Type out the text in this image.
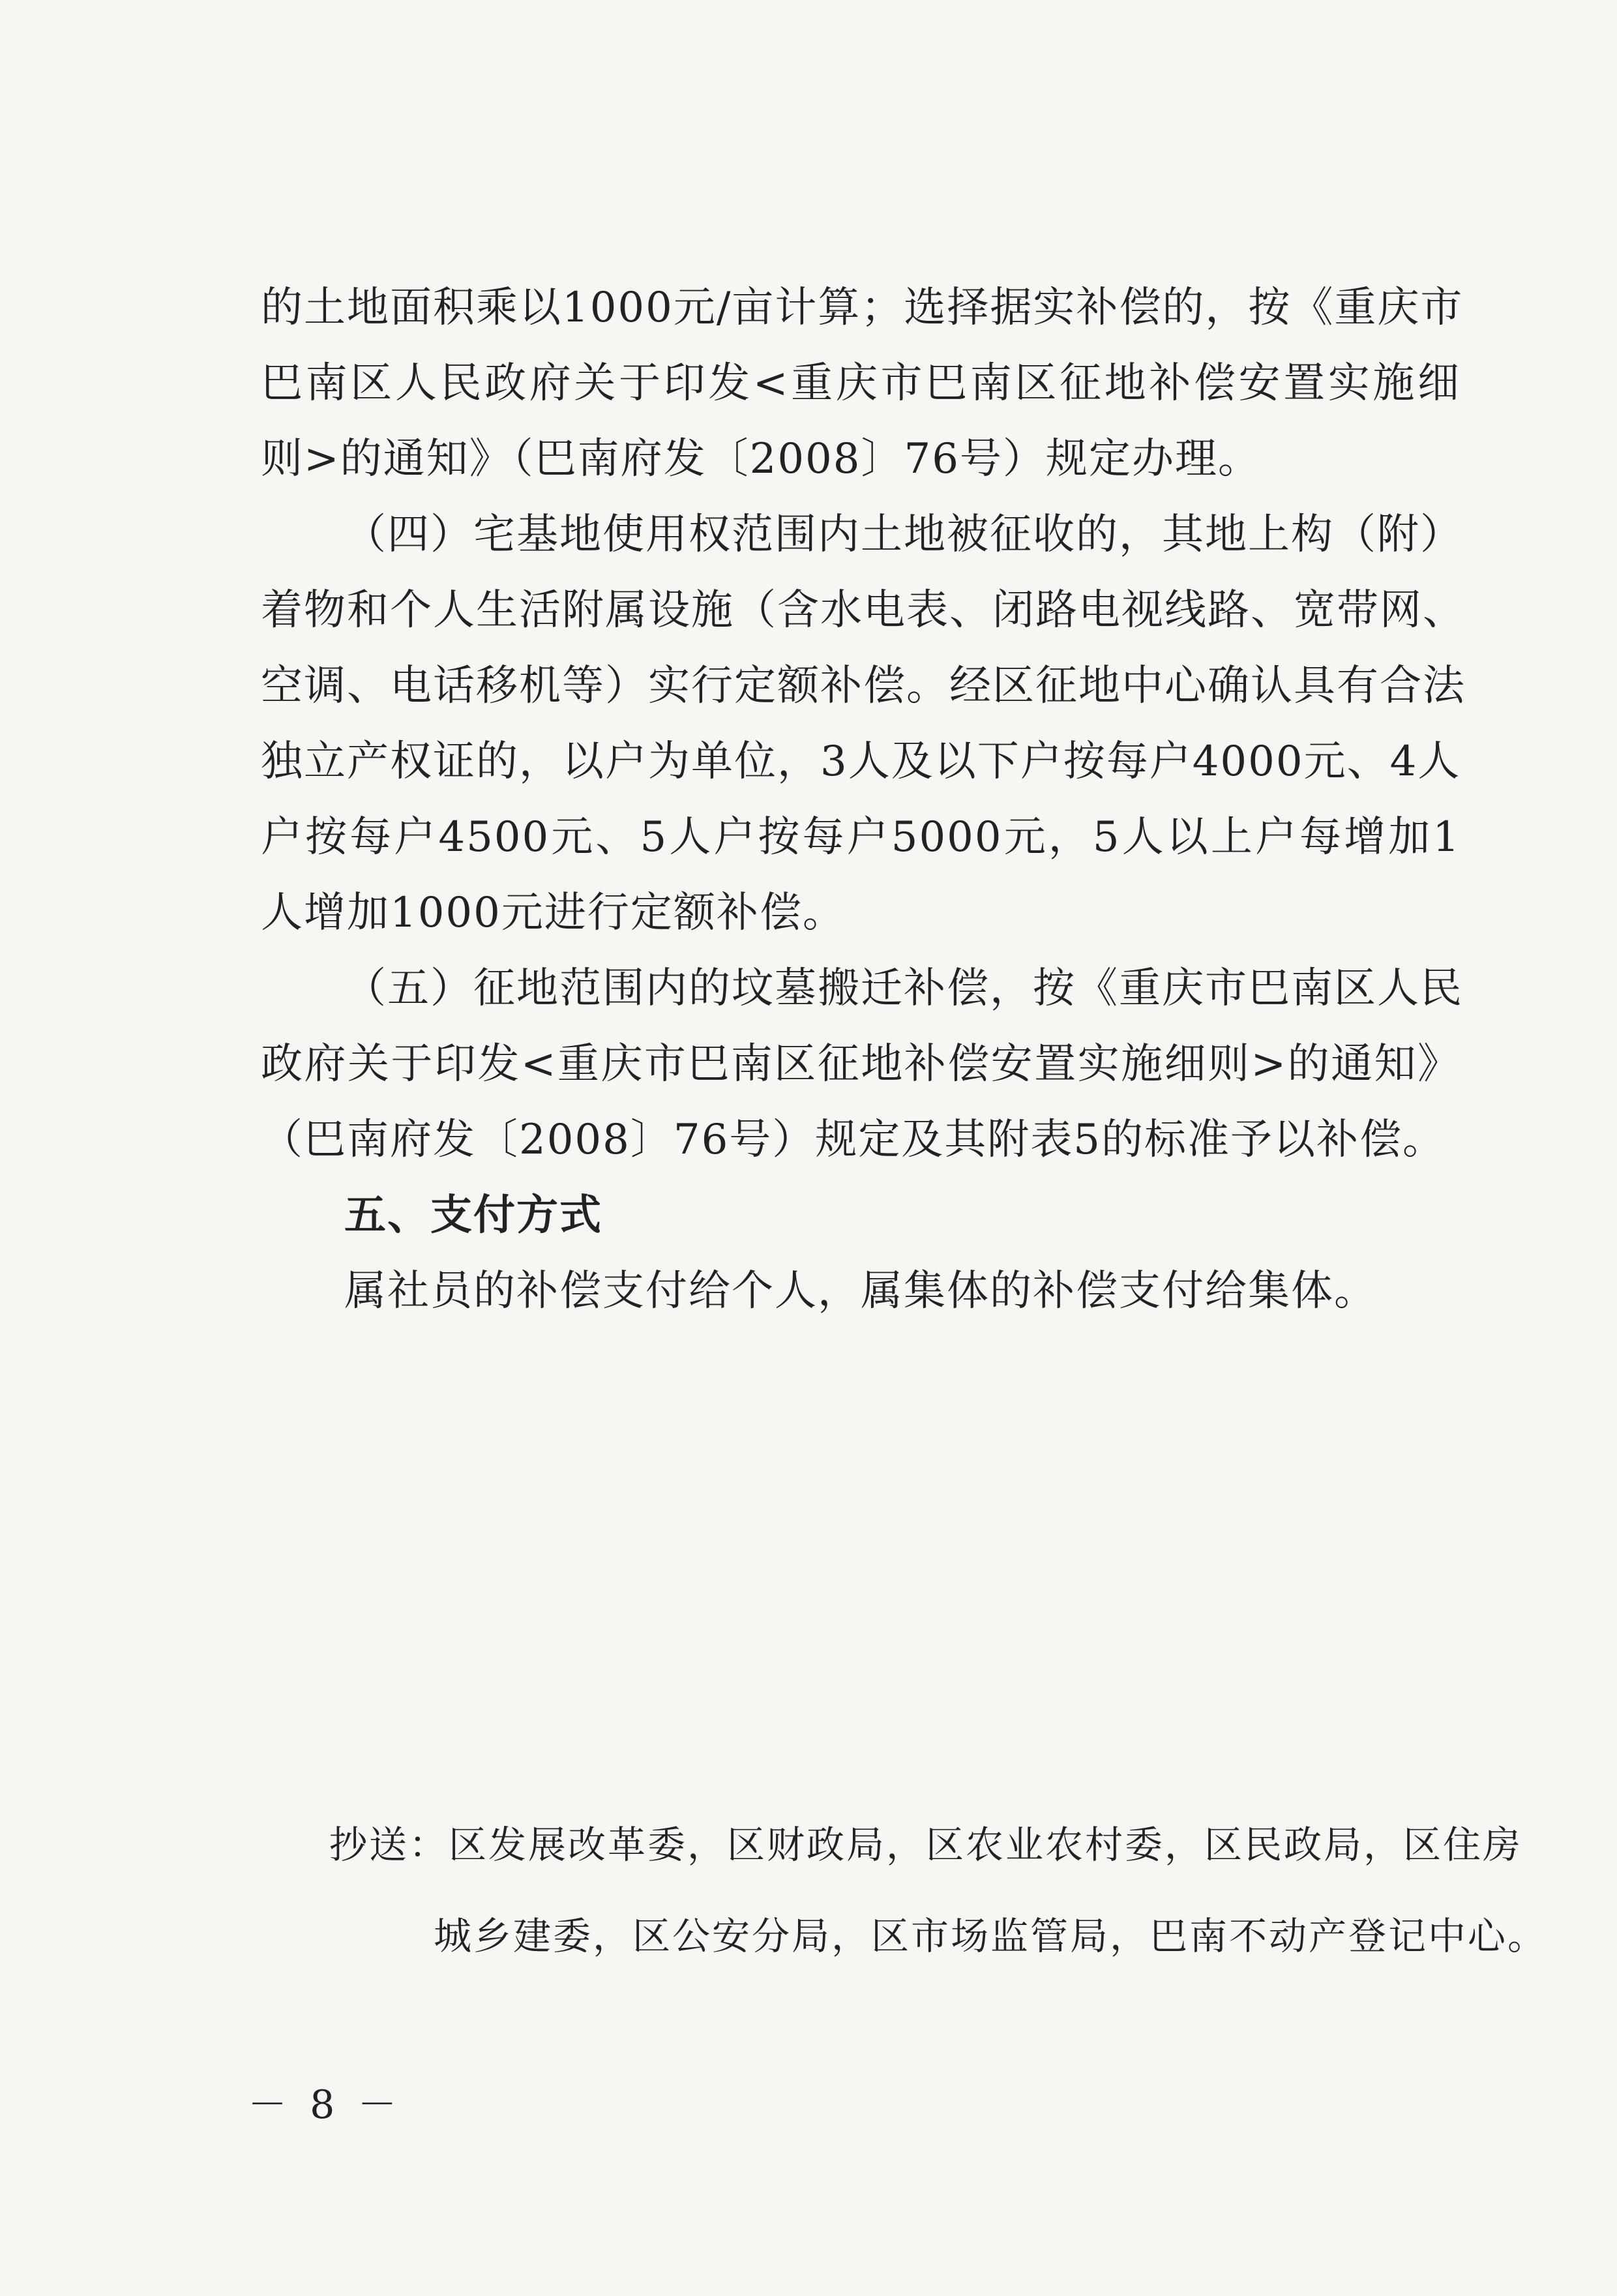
的土地面积乘以1000元/亩计算；选择据实补偿的，按《重庆市
巴南区人民政府关于印发<重庆市巴南区征地补偿安置实施细
则>的通知》（巴南府发〔2008〕76号）规定办理。
（四）宅基地使用权范围内土地被征收的，其地上构（附）
着物和个人生活附属设施（含水电表、闭路电视线路、宽带网、
空调、电话移机等）实行定额补偿。经区征地中心确认具有合法
独立产权证的，以户为单位，3人及以下户按每户4000元、4人
户按每户4500元、5人户按每户5000元，5人以上户每增加1
人增加1000元进行定额补偿。
（五）征地范围内的坟墓搬迁补偿，按《重庆市巴南区人民
政府关于印发<重庆市巴南区征地补偿安置实施细则>的通知》
（巴南府发〔2008〕76号）规定及其附表5的标准予以补偿。
五、支付方式
属社员的补偿支付给个人，属集体的补偿支付给集体。
抄送：区发展改革委，区财政局，区农业农村委，区民政局，区住房
城乡建委，区公安分局，区市场监管局，巴南不动产登记中心。
－ 8 －
